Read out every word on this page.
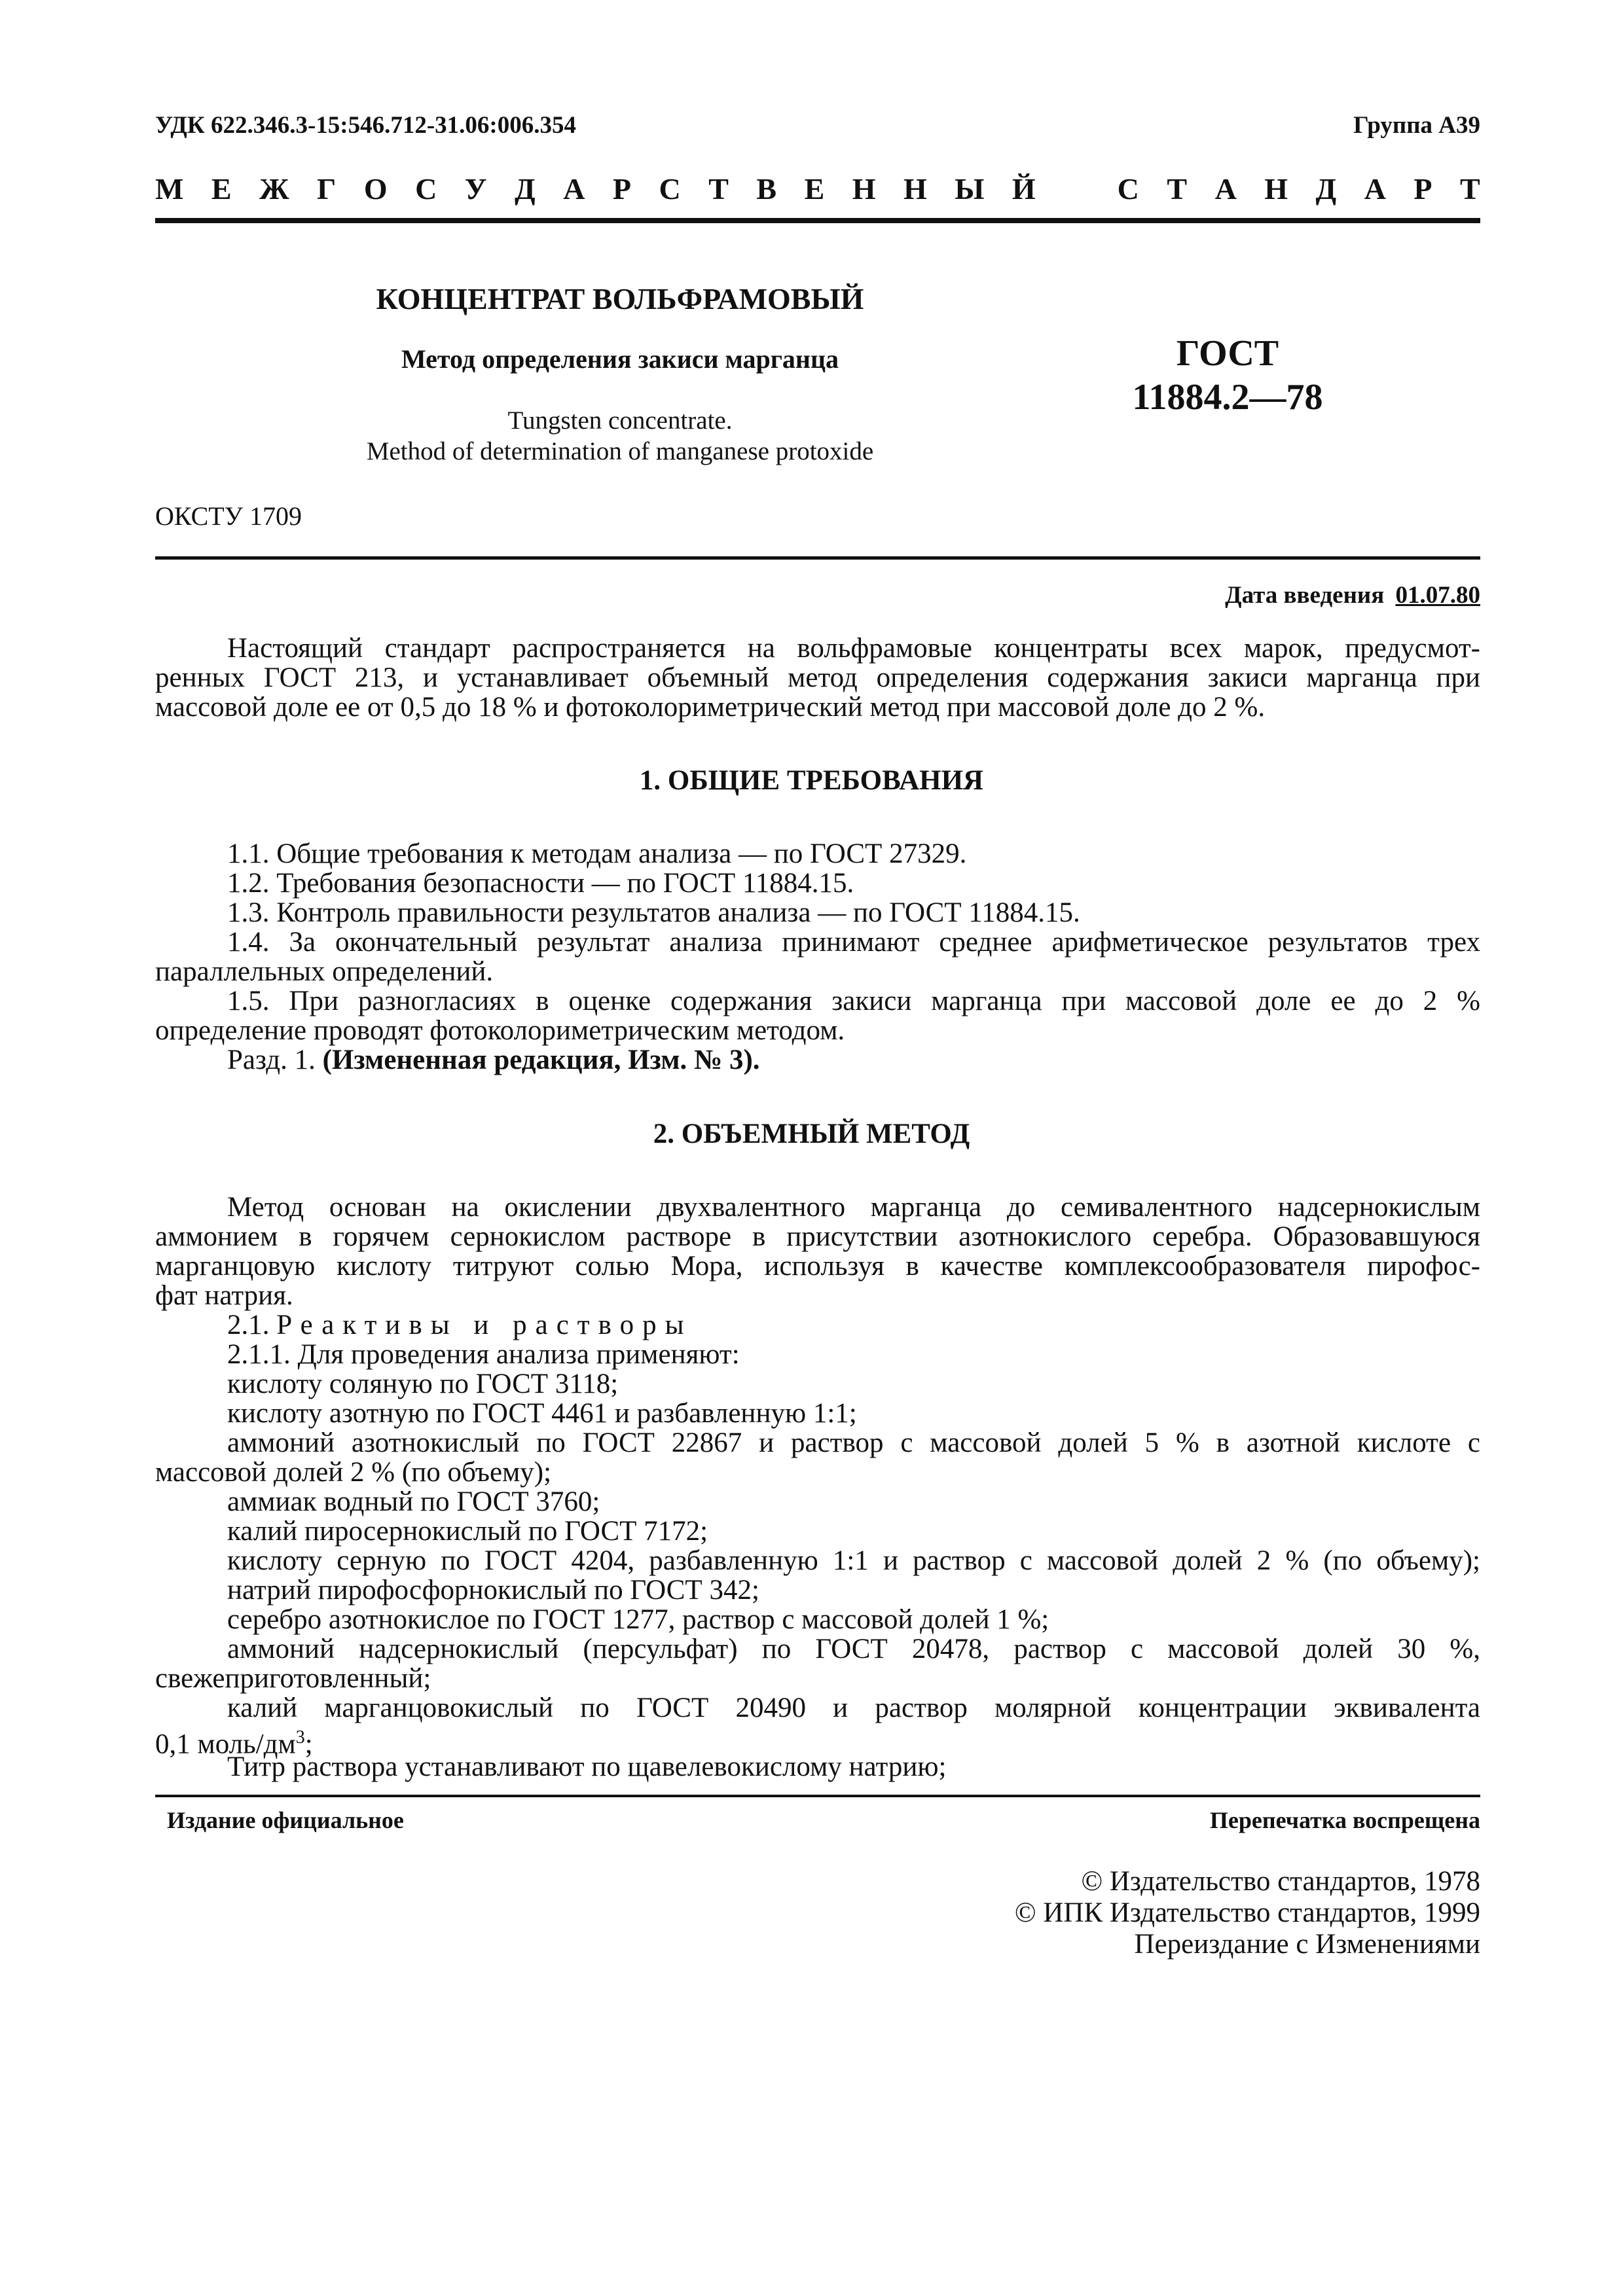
УДК 622.346.3-15:546.712-31.06:006.354	Группа А39
М Е Ж Г О С У Д А Р С Т В Е Н Н Ы Й	С Т А Н Д А Р Т
КОНЦЕНТРАТ ВОЛЬФРАМОВЫЙ
Метод определения закиси марганца
Tungsten concentrate.
Method of determination of manganese protoxide
ГОСТ
11884.2—78
ОКСТУ 1709
Дата введения 01.07.80
Настоящий стандарт распространяется на вольфрамовые концентраты всех марок, предусмот-
ренных ГОСТ 213, и устанавливает объемный метод определения содержания закиси марганца при
массовой доле ее от 0,5 до 18 % и фотоколориметрический метод при массовой доле до 2 %.
1. ОБЩИЕ ТРЕБОВАНИЯ
1.1. Общие требования к методам анализа — по ГОСТ 27329.
1.2. Требования безопасности — по ГОСТ 11884.15.
1.3. Контроль правильности результатов анализа — по ГОСТ 11884.15.
1.4. За окончательный результат анализа принимают среднее арифметическое результатов трех
параллельных определений.
1.5. При разногласиях в оценке содержания закиси марганца при массовой доле ее до 2 %
определение проводят фотоколориметрическим методом.
Разд. 1. (Измененная редакция, Изм. № 3).
2. ОБЪЕМНЫЙ МЕТОД
Метод основан на окислении двухвалентного марганца до семивалентного надсернокислым
аммонием в горячем сернокислом растворе в присутствии азотнокислого серебра. Образовавшуюся
марганцовую кислоту титруют солью Мора, используя в качестве комплексообразователя пирофос-
фат натрия.
2.1. Реактивы и растворы
2.1.1. Для проведения анализа применяют:
кислоту соляную по ГОСТ 3118;
кислоту азотную по ГОСТ 4461 и разбавленную 1:1;
аммоний азотнокислый по ГОСТ 22867 и раствор с массовой долей 5 % в азотной кислоте с
массовой долей 2 % (по объему);
аммиак водный по ГОСТ 3760;
калий пиросернокислый по ГОСТ 7172;
кислоту серную по ГОСТ 4204, разбавленную 1:1 и раствор с массовой долей 2 % (по объему);
натрий пирофосфорнокислый по ГОСТ 342;
серебро азотнокислое по ГОСТ 1277, раствор с массовой долей 1 %;
аммоний надсернокислый (персульфат) по ГОСТ 20478, раствор с массовой долей 30 %,
свежеприготовленный;
калий марганцовокислый по ГОСТ 20490 и раствор молярной концентрации эквивалента
0,1 моль/$дм^3$;
Титр раствора устанавливают по щавелевокислому натрию;
Издание официальное	Перепечатка воспрещена
© Издательство стандартов, 1978
© ИПК Издательство стандартов, 1999
Переиздание с Изменениями
